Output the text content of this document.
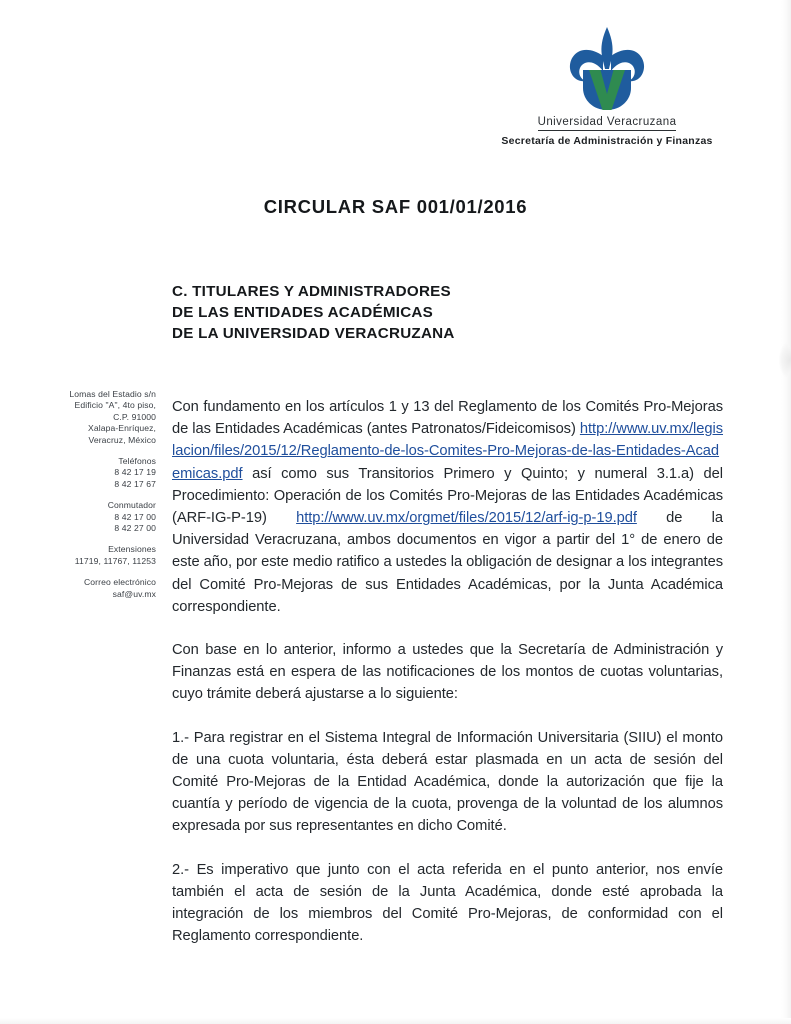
Universidad Veracruzana
Secretaría de Administración y Finanzas
CIRCULAR SAF 001/01/2016
C. TITULARES Y ADMINISTRADORES
DE LAS ENTIDADES ACADÉMICAS
DE LA UNIVERSIDAD VERACRUZANA
Lomas del Estadio s/n
Edificio "A", 4to piso,
C.P. 91000
Xalapa-Enríquez,
Veracruz, México
Teléfonos
8 42 17 19
8 42 17 67
Conmutador
8 42 17 00
8 42 27 00
Extensiones
11719, 11767, 11253
Correo electrónico
saf@uv.mx

Con fundamento en los artículos 1 y 13 del Reglamento de los Comités Pro-Mejoras de las Entidades Académicas (antes Patronatos/Fideicomisos) http://www.uv.mx/legislacion/files/2015/12/Reglamento-de-los-Comites-Pro-Mejoras-de-las-Entidades-Academicas.pdf así como sus Transitorios Primero y Quinto; y numeral 3.1.a) del Procedimiento: Operación de los Comités Pro-Mejoras de las Entidades Académicas (ARF-IG-P-19) http://www.uv.mx/orgmet/files/2015/12/arf-ig-p-19.pdf de la Universidad Veracruzana, ambos documentos en vigor a partir del 1° de enero de este año, por este medio ratifico a ustedes la obligación de designar a los integrantes del Comité Pro-Mejoras de sus Entidades Académicas, por la Junta Académica correspondiente.

Con base en lo anterior, informo a ustedes que la Secretaría de Administración y Finanzas está en espera de las notificaciones de los montos de cuotas voluntarias, cuyo trámite deberá ajustarse a lo siguiente:

1.- Para registrar en el Sistema Integral de Información Universitaria (SIIU) el monto de una cuota voluntaria, ésta deberá estar plasmada en un acta de sesión del Comité Pro-Mejoras de la Entidad Académica, donde la autorización que fije la cuantía y período de vigencia de la cuota, provenga de la voluntad de los alumnos expresada por sus representantes en dicho Comité.

2.- Es imperativo que junto con el acta referida en el punto anterior, nos envíe también el acta de sesión de la Junta Académica, donde esté aprobada la integración de los miembros del Comité Pro-Mejoras, de conformidad con el Reglamento correspondiente.
